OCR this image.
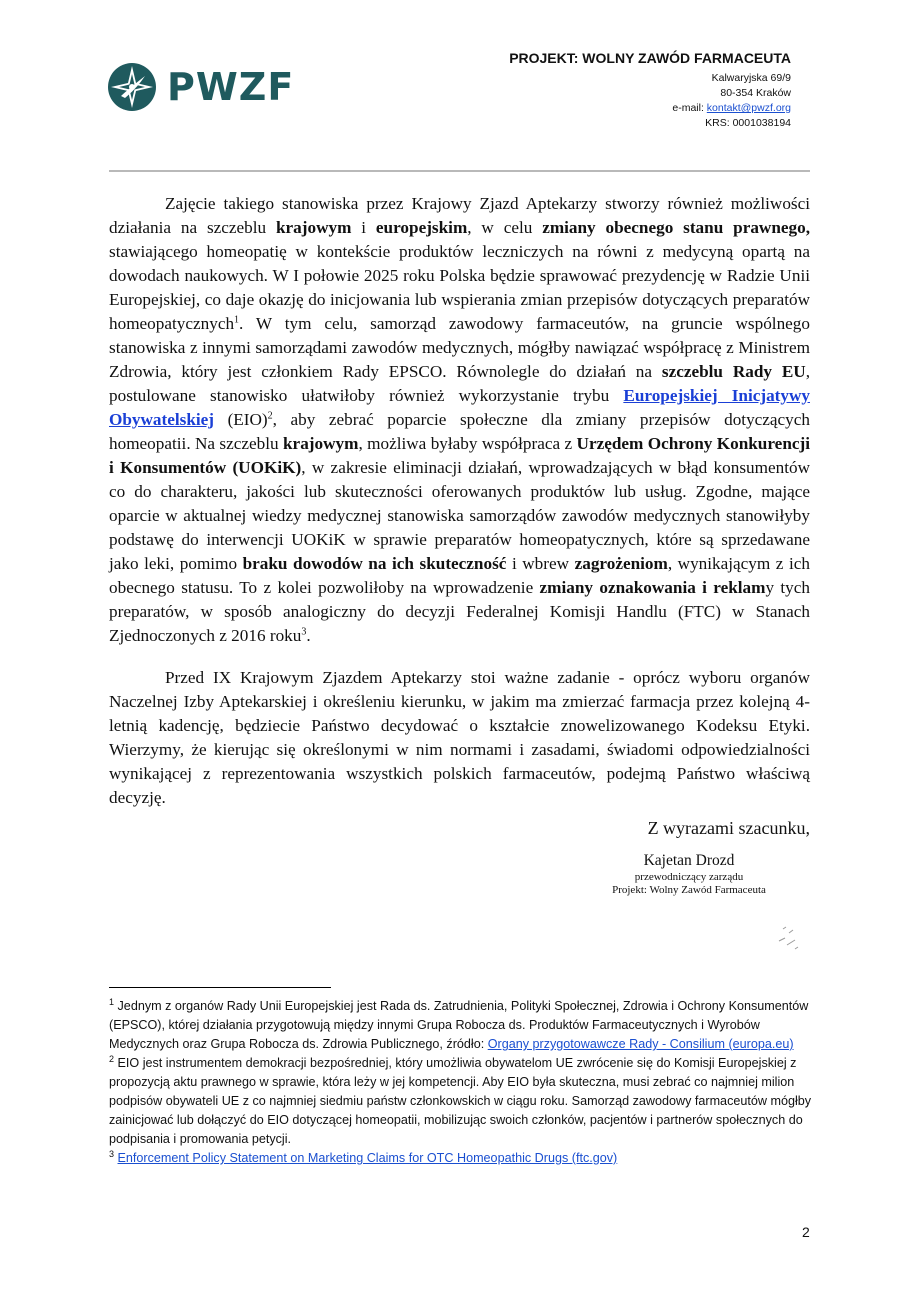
PWZF
PROJEKT: WOLNY ZAWÓD FARMACEUTA
Kalwaryjska 69/9
80-354 Kraków
e-mail: kontakt@pwzf.org
KRS: 0001038194

Zajęcie takiego stanowiska przez Krajowy Zjazd Aptekarzy stworzy również możliwości działania na szczeblu krajowym i europejskim, w celu zmiany obecnego stanu prawnego, stawiającego homeopatię w kontekście produktów leczniczych na równi z medycyną opartą na dowodach naukowych. W I połowie 2025 roku Polska będzie sprawować prezydencję w Radzie Unii Europejskiej, co daje okazję do inicjowania lub wspierania zmian przepisów dotyczących preparatów homeopatycznych$^1$. W tym celu, samorząd zawodowy farmaceutów, na gruncie wspólnego stanowiska z innymi samorządami zawodów medycznych, mógłby nawiązać współpracę z Ministrem Zdrowia, który jest członkiem Rady EPSCO. Równolegle do działań na szczeblu Rady EU, postulowane stanowisko ułatwiłoby również wykorzystanie trybu Europejskiej Inicjatywy Obywatelskiej (EIO)$^2$, aby zebrać poparcie społeczne dla zmiany przepisów dotyczących homeopatii. Na szczeblu krajowym, możliwa byłaby współpraca z Urzędem Ochrony Konkurencji i Konsumentów (UOKiK), w zakresie eliminacji działań, wprowadzających w błąd konsumentów co do charakteru, jakości lub skuteczności oferowanych produktów lub usług. Zgodne, mające oparcie w aktualnej wiedzy medycznej stanowiska samorządów zawodów medycznych stanowiłyby podstawę do interwencji UOKiK w sprawie preparatów homeopatycznych, które są sprzedawane jako leki, pomimo braku dowodów na ich skuteczność i wbrew zagrożeniom, wynikającym z ich obecnego statusu. To z kolei pozwoliłoby na wprowadzenie zmiany oznakowania i reklamy tych preparatów, w sposób analogiczny do decyzji Federalnej Komisji Handlu (FTC) w Stanach Zjednoczonych z 2016 roku$^3$.

Przed IX Krajowym Zjazdem Aptekarzy stoi ważne zadanie - oprócz wyboru organów Naczelnej Izby Aptekarskiej i określeniu kierunku, w jakim ma zmierzać farmacja przez kolejną 4-letnią kadencję, będziecie Państwo decydować o kształcie znowelizowanego Kodeksu Etyki. Wierzymy, że kierując się określonymi w nim normami i zasadami, świadomi odpowiedzialności wynikającej z reprezentowania wszystkich polskich farmaceutów, podejmą Państwo właściwą decyzję.

Z wyrazami szacunku,
Kajetan Drozd
przewodniczący zarządu
Projekt: Wolny Zawód Farmaceuta

$^1$ Jednym z organów Rady Unii Europejskiej jest Rada ds. Zatrudnienia, Polityki Społecznej, Zdrowia i Ochrony Konsumentów (EPSCO), której działania przygotowują między innymi Grupa Robocza ds. Produktów Farmaceutycznych i Wyrobów Medycznych oraz Grupa Robocza ds. Zdrowia Publicznego, źródło: Organy przygotowawcze Rady - Consilium (europa.eu)

$^2$ EIO jest instrumentem demokracji bezpośredniej, który umożliwia obywatelom UE zwrócenie się do Komisji Europejskiej z propozycją aktu prawnego w sprawie, która leży w jej kompetencji. Aby EIO była skuteczna, musi zebrać co najmniej milion podpisów obywateli UE z co najmniej siedmiu państw członkowskich w ciągu roku. Samorząd zawodowy farmaceutów mógłby zainicjować lub dołączyć do EIO dotyczącej homeopatii, mobilizując swoich członków, pacjentów i partnerów społecznych do podpisania i promowania petycji.

$^3$ Enforcement Policy Statement on Marketing Claims for OTC Homeopathic Drugs (ftc.gov)

2
